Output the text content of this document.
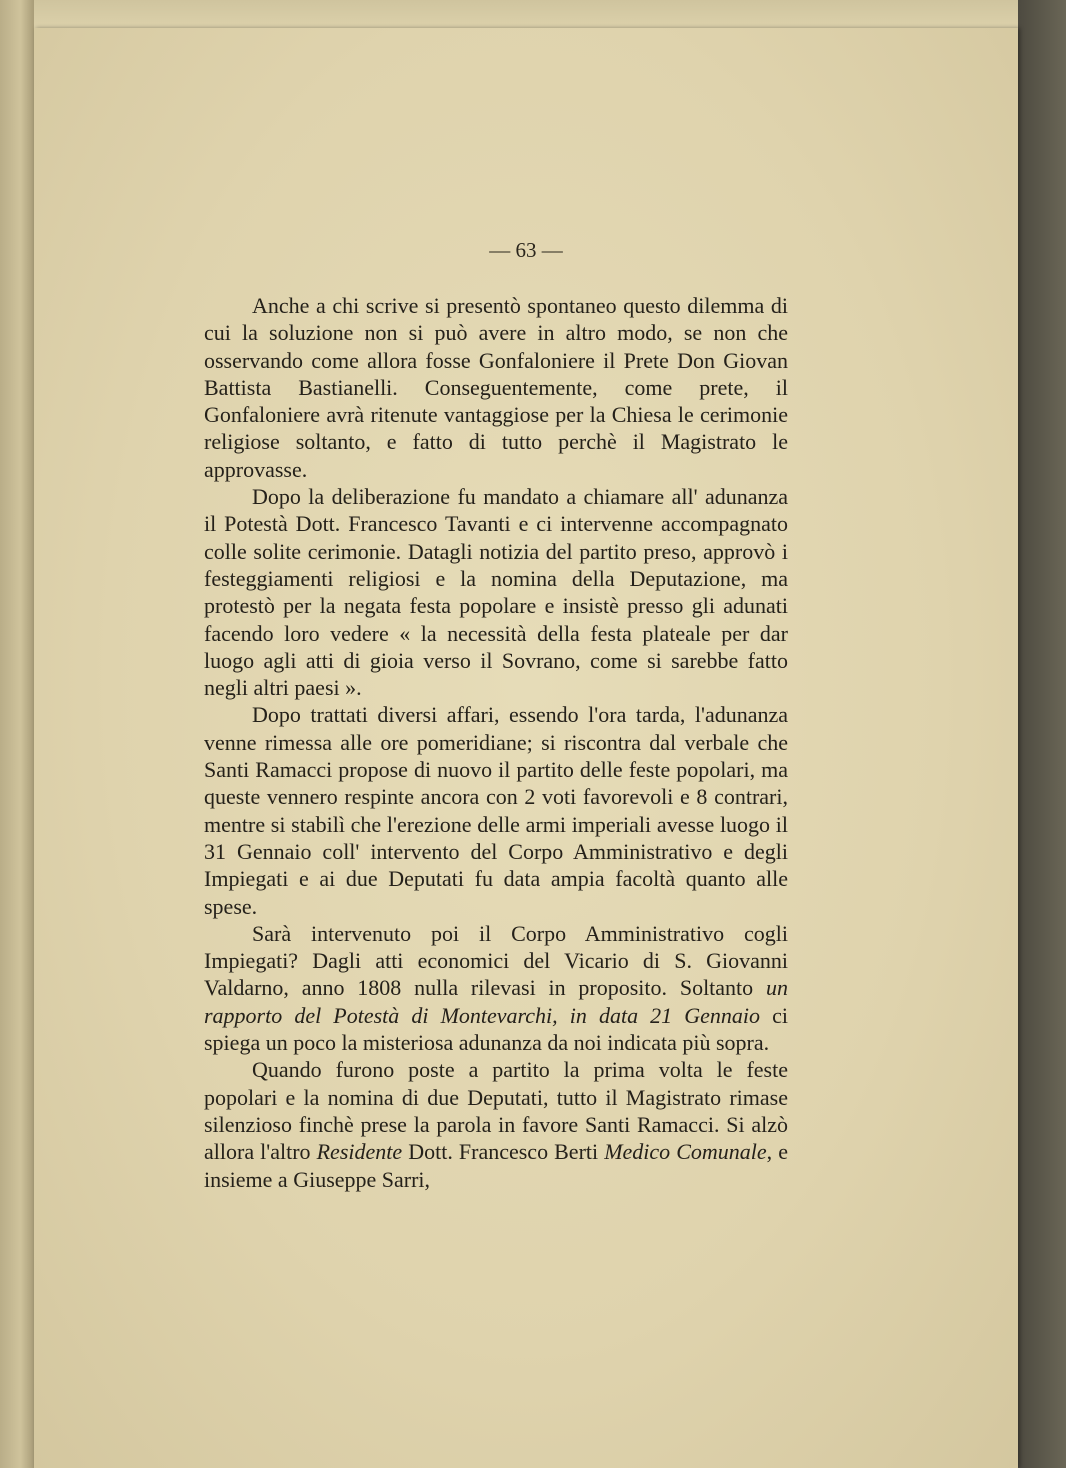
— 63 —

Anche a chi scrive si presentò spontaneo questo dilemma di cui la soluzione non si può avere in altro modo, se non che osservando come allora fosse Gonfaloniere il Prete Don Giovan Battista Bastianelli. Conseguentemente, come prete, il Gonfaloniere avrà ritenute vantaggiose per la Chiesa le cerimonie religiose soltanto, e fatto di tutto perchè il Magistrato le approvasse.

Dopo la deliberazione fu mandato a chiamare all' adunanza il Potestà Dott. Francesco Tavanti e ci intervenne accompagnato colle solite cerimonie. Datagli notizia del partito preso, approvò i festeggiamenti religiosi e la nomina della Deputazione, ma protestò per la negata festa popolare e insistè presso gli adunati facendo loro vedere « la necessità della festa plateale per dar luogo agli atti di gioia verso il Sovrano, come si sarebbe fatto negli altri paesi ».

Dopo trattati diversi affari, essendo l'ora tarda, l'adunanza venne rimessa alle ore pomeridiane; si riscontra dal verbale che Santi Ramacci propose di nuovo il partito delle feste popolari, ma queste vennero respinte ancora con 2 voti favorevoli e 8 contrari, mentre si stabilì che l'erezione delle armi imperiali avesse luogo il 31 Gennaio coll' intervento del Corpo Amministrativo e degli Impiegati e ai due Deputati fu data ampia facoltà quanto alle spese.

Sarà intervenuto poi il Corpo Amministrativo cogli Impiegati? Dagli atti economici del Vicario di S. Giovanni Valdarno, anno 1808 nulla rilevasi in proposito. Soltanto un rapporto del Potestà di Montevarchi, in data 21 Gennaio ci spiega un poco la misteriosa adunanza da noi indicata più sopra.

Quando furono poste a partito la prima volta le feste popolari e la nomina di due Deputati, tutto il Magistrato rimase silenzioso finchè prese la parola in favore Santi Ramacci. Si alzò allora l'altro Residente Dott. Francesco Berti Medico Comunale, e insieme a Giuseppe Sarri,
